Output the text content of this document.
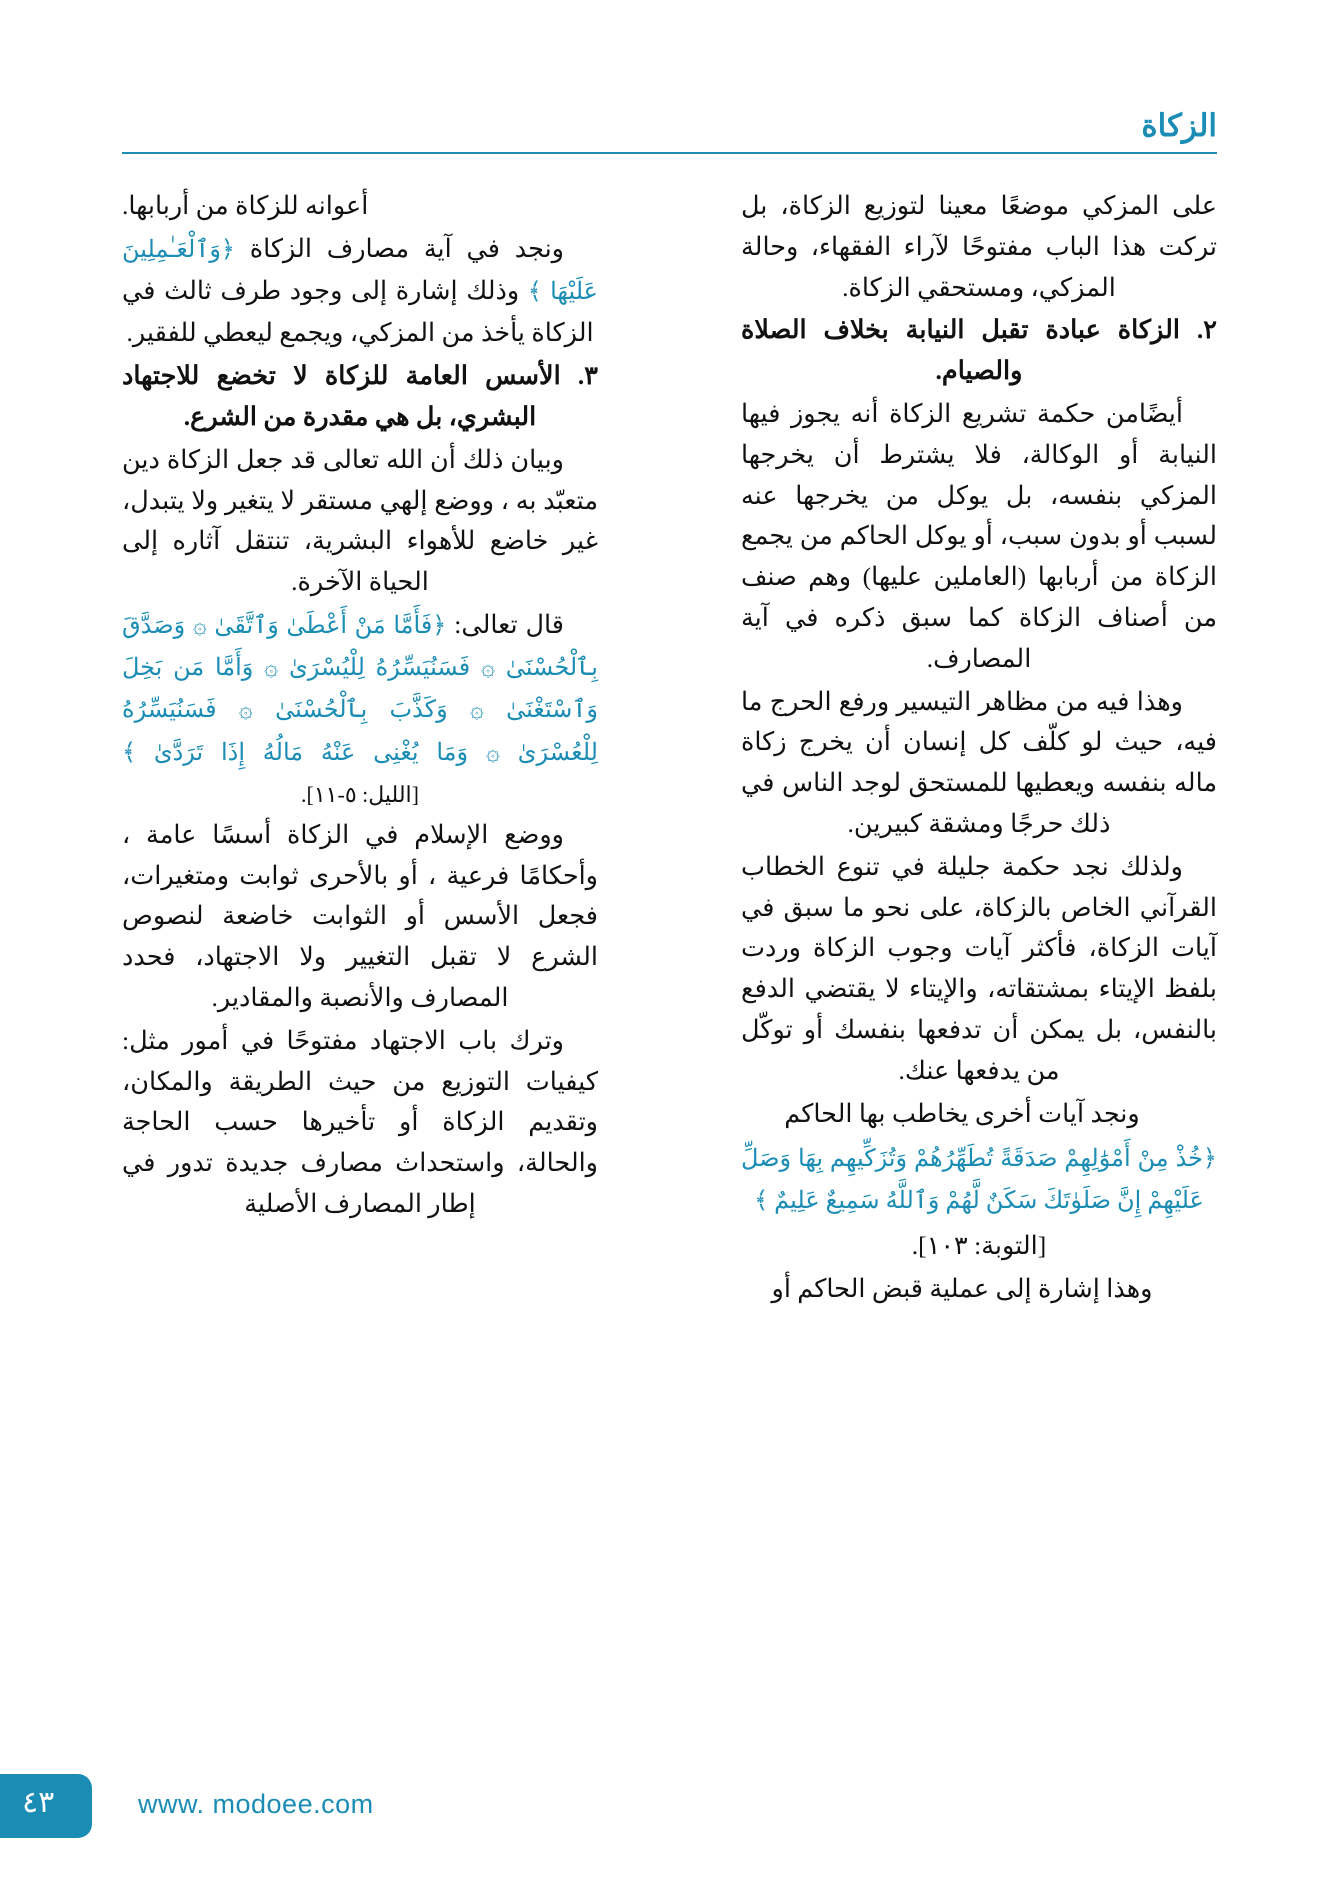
الزكاة

على المزكي موضعًا معينا لتوزيع الزكاة، بل تركت هذا الباب مفتوحًا لآراء الفقهاء، وحالة المزكي، ومستحقي الزكاة.

٢. الزكاة عبادة تقبل النيابة بخلاف الصلاة والصيام.

أيضًامن حكمة تشريع الزكاة أنه يجوز فيها النيابة أو الوكالة، فلا يشترط أن يخرجها المزكي بنفسه، بل يوكل من يخرجها عنه لسبب أو بدون سبب، أو يوكل الحاكم من يجمع الزكاة من أربابها (العاملين عليها) وهم صنف من أصناف الزكاة كما سبق ذكره في آية المصارف.

وهذا فيه من مظاهر التيسير ورفع الحرج ما فيه، حيث لو كلّف كل إنسان أن يخرج زكاة ماله بنفسه ويعطيها للمستحق لوجد الناس في ذلك حرجًا ومشقة كبيرين.

ولذلك نجد حكمة جليلة في تنوع الخطاب القرآني الخاص بالزكاة، على نحو ما سبق في آيات الزكاة، فأكثر آيات وجوب الزكاة وردت بلفظ الإيتاء بمشتقاته، والإيتاء لا يقتضي الدفع بالنفس، بل يمكن أن تدفعها بنفسك أو توكّل من يدفعها عنك.

ونجد آيات أخرى يخاطب بها الحاكم

﴿خُذْ مِنْ أَمْوَٰلِهِمْ صَدَقَةً تُطَهِّرُهُمْ وَتُزَكِّيهِم بِهَا وَصَلِّ عَلَيْهِمْ إِنَّ صَلَوٰتَكَ سَكَنٌ لَّهُمْ وَٱللَّهُ سَمِيعٌ عَلِيمٌ ﴾

[التوبة: ١٠٣].

وهذا إشارة إلى عملية قبض الحاكم أو

أعوانه للزكاة من أربابها.

ونجد في آية مصارف الزكاة ﴿وَٱلْعَـٰمِلِينَ عَلَيْهَا ﴾ وذلك إشارة إلى وجود طرف ثالث في الزكاة يأخذ من المزكي، ويجمع ليعطي للفقير.

٣. الأسس العامة للزكاة لا تخضع للاجتهاد البشري، بل هي مقدرة من الشرع.

وبيان ذلك أن الله تعالى قد جعل الزكاة دين متعبّد به ، ووضع إلهي مستقر لا يتغير ولا يتبدل، غير خاضع للأهواء البشرية، تنتقل آثاره إلى الحياة الآخرة.

قال تعالى: ﴿فَأَمَّا مَنْ أَعْطَىٰ وَٱتَّقَىٰ ۞ وَصَدَّقَ بِٱلْحُسْنَىٰ ۞ فَسَنُيَسِّرُهُ لِلْيُسْرَىٰ ۞ وَأَمَّا مَن بَخِلَ وَٱسْتَغْنَىٰ ۞ وَكَذَّبَ بِٱلْحُسْنَىٰ ۞ فَسَنُيَسِّرُهُ لِلْعُسْرَىٰ ۞ وَمَا يُغْنِى عَنْهُ مَالُهُ إِذَا تَرَدَّىٰ ﴾[الليل: ٥-١١].

ووضع الإسلام في الزكاة أسسًا عامة ، وأحكامًا فرعية ، أو بالأحرى ثوابت ومتغيرات، فجعل الأسس أو الثوابت خاضعة لنصوص الشرع لا تقبل التغيير ولا الاجتهاد، فحدد المصارف والأنصبة والمقادير.

وترك باب الاجتهاد مفتوحًا في أمور مثل: كيفيات التوزيع من حيث الطريقة والمكان، وتقديم الزكاة أو تأخيرها حسب الحاجة والحالة، واستحداث مصارف جديدة تدور في إطار المصارف الأصلية

٤٣	www. modoee.com
